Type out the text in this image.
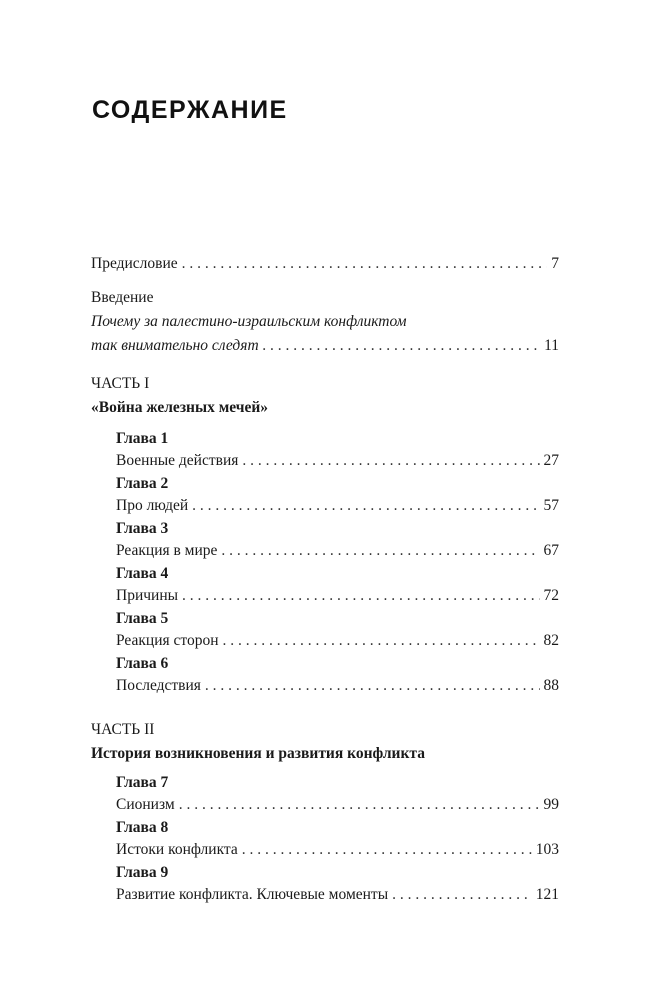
СОДЕРЖАНИЕ
Предисловие . . .	7
Введение
Почему за палестино-израильским конфликтом
так внимательно следят . . .	11
ЧАСТЬ I
«Война железных мечей»
Глава 1
Военные действия . . .	27
Глава 2
Про людей . . .	57
Глава 3
Реакция в мире . . .	67
Глава 4
Причины . . .	72
Глава 5
Реакция сторон . . .	82
Глава 6
Последствия . . .	88
ЧАСТЬ II
История возникновения и развития конфликта
Глава 7
Сионизм . . .	99
Глава 8
Истоки конфликта . . .	103
Глава 9
Развитие конфликта. Ключевые моменты . . .	121
